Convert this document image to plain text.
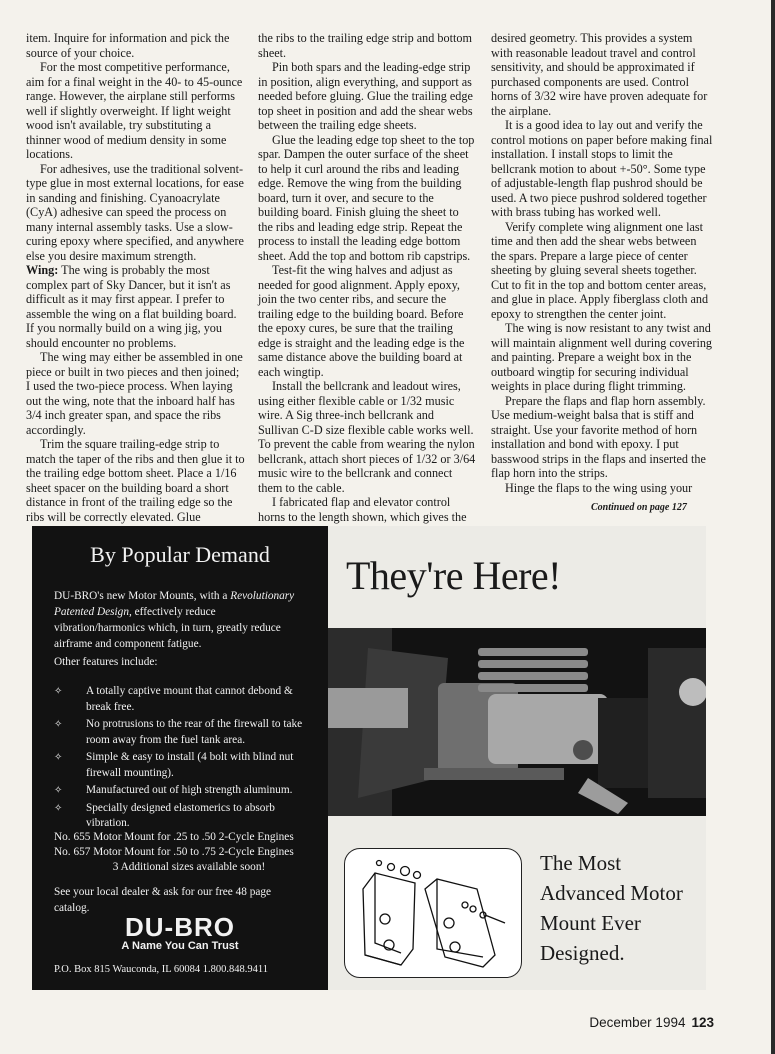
item. Inquire for information and pick the source of your choice.

For the most competitive performance, aim for a final weight in the 40- to 45-ounce range. However, the airplane still performs well if slightly overweight. If light weight wood isn't available, try substituting a thinner wood of medium density in some locations.

For adhesives, use the traditional solvent-type glue in most external locations, for ease in sanding and finishing. Cyanoacrylate (CyA) adhesive can speed the process on many internal assembly tasks. Use a slow-curing epoxy where specified, and anywhere else you desire maximum strength.

Wing: The wing is probably the most complex part of Sky Dancer, but it isn't as difficult as it may first appear. I prefer to assemble the wing on a flat building board. If you normally build on a wing jig, you should encounter no problems.

The wing may either be assembled in one piece or built in two pieces and then joined; I used the two-piece process. When laying out the wing, note that the inboard half has 3/4 inch greater span, and space the ribs accordingly.

Trim the square trailing-edge strip to match the taper of the ribs and then glue it to the trailing edge bottom sheet. Place a 1/16 sheet spacer on the building board a short distance in front of the trailing edge so the ribs will be correctly elevated. Glue

the ribs to the trailing edge strip and bottom sheet.

Pin both spars and the leading-edge strip in position, align everything, and support as needed before gluing. Glue the trailing edge top sheet in position and add the shear webs between the trailing edge sheets.

Glue the leading edge top sheet to the top spar. Dampen the outer surface of the sheet to help it curl around the ribs and leading edge. Remove the wing from the building board, turn it over, and secure to the building board. Finish gluing the sheet to the ribs and leading edge strip. Repeat the process to install the leading edge bottom sheet. Add the top and bottom rib capstrips.

Test-fit the wing halves and adjust as needed for good alignment. Apply epoxy, join the two center ribs, and secure the trailing edge to the building board. Before the epoxy cures, be sure that the trailing edge is straight and the leading edge is the same distance above the building board at each wingtip.

Install the bellcrank and leadout wires, using either flexible cable or 1/32 music wire. A Sig three-inch bellcrank and Sullivan C-D size flexible cable works well. To prevent the cable from wearing the nylon bellcrank, attach short pieces of 1/32 or 3/64 music wire to the bellcrank and connect them to the cable.

I fabricated flap and elevator control horns to the length shown, which gives the

desired geometry. This provides a system with reasonable leadout travel and control sensitivity, and should be approximated if purchased components are used. Control horns of 3/32 wire have proven adequate for the airplane.

It is a good idea to lay out and verify the control motions on paper before making final installation. I install stops to limit the bellcrank motion to about +-50°. Some type of adjustable-length flap pushrod should be used. A two piece pushrod soldered together with brass tubing has worked well.

Verify complete wing alignment one last time and then add the shear webs between the spars. Prepare a large piece of center sheeting by gluing several sheets together. Cut to fit in the top and bottom center areas, and glue in place. Apply fiberglass cloth and epoxy to strengthen the center joint.

The wing is now resistant to any twist and will maintain alignment well during covering and painting. Prepare a weight box in the outboard wingtip for securing individual weights in place during flight trimming.

Prepare the flaps and flap horn assembly. Use medium-weight balsa that is stiff and straight. Use your favorite method of horn installation and bond with epoxy. I put basswood strips in the flaps and inserted the flap horn into the strips.

Hinge the flaps to the wing using your

Continued on page 127
By Popular Demand
DU-BRO's new Motor Mounts, with a Revolutionary Patented Design, effectively reduce vibration/harmonics which, in turn, greatly reduce airframe and component fatigue.
Other features include:
✧ A totally captive mount that cannot debond & break free.
✧ No protrusions to the rear of the firewall to take room away from the fuel tank area.
✧ Simple & easy to install (4 bolt with blind nut firewall mounting).
✧ Manufactured out of high strength aluminum.
✧ Specially designed elastomerics to absorb vibration.
No. 655 Motor Mount for .25 to .50 2-Cycle Engines
No. 657 Motor Mount for .50 to .75 2-Cycle Engines
3 Additional sizes available soon!
See your local dealer & ask for our free 48 page catalog.
DU-BRO
A Name You Can Trust
P.O. Box 815 Wauconda, IL 60084 1.800.848.9411
They're Here!
The Most
Advanced Motor
Mount Ever
Designed.
December 1994 123
